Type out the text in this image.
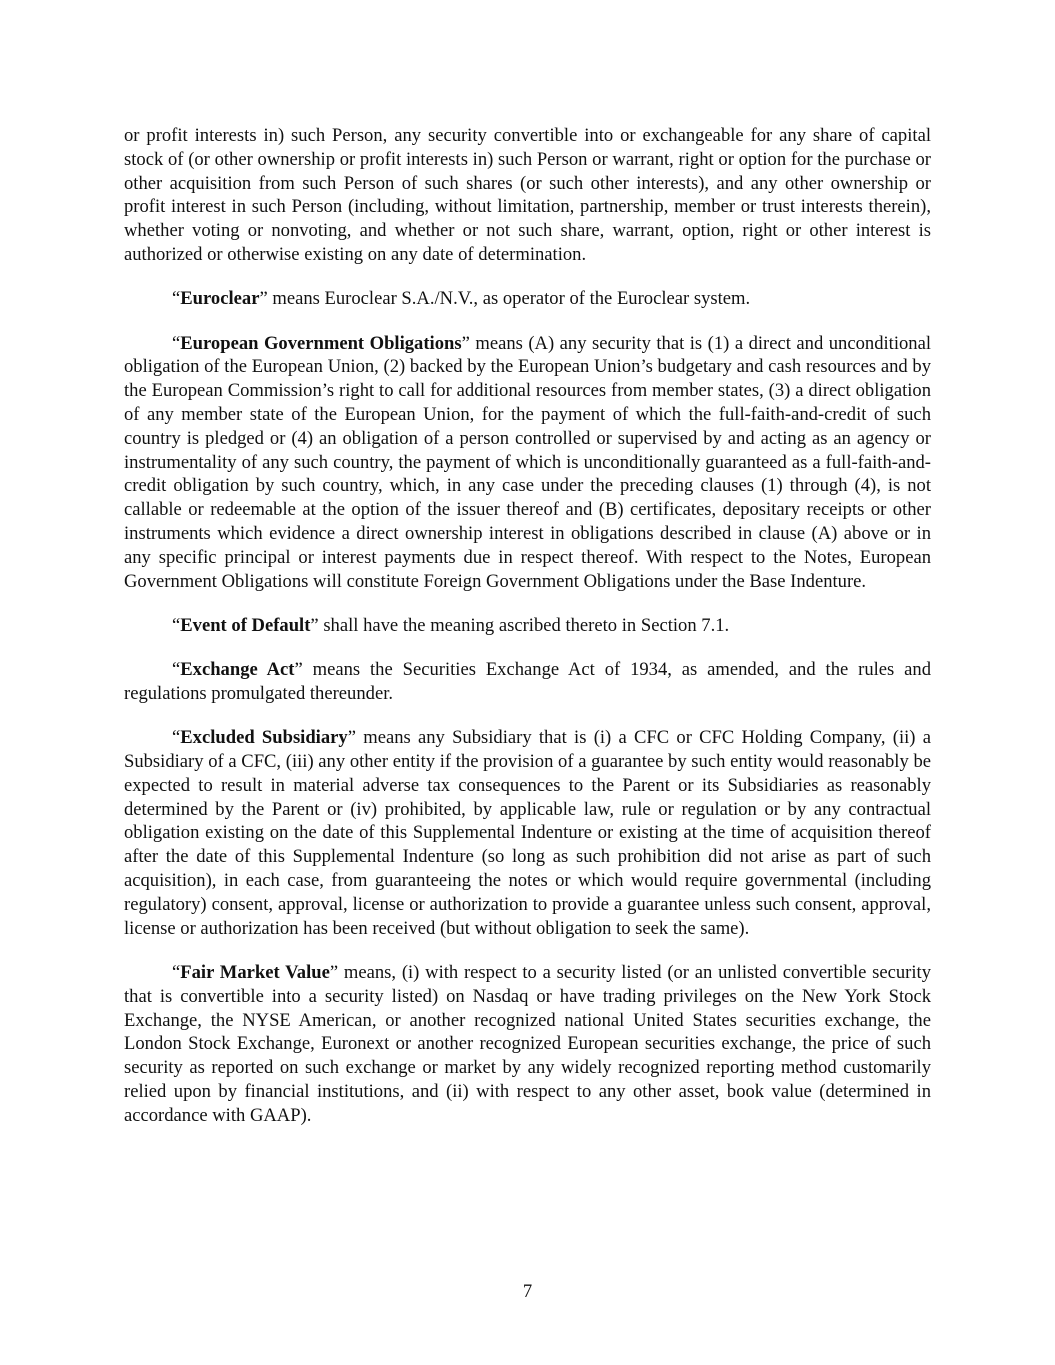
or profit interests in) such Person, any security convertible into or exchangeable for any share of capital stock of (or other ownership or profit interests in) such Person or warrant, right or option for the purchase or other acquisition from such Person of such shares (or such other interests), and any other ownership or profit interest in such Person (including, without limitation, partnership, member or trust interests therein), whether voting or nonvoting, and whether or not such share, warrant, option, right or other interest is authorized or otherwise existing on any date of determination.

“Euroclear” means Euroclear S.A./N.V., as operator of the Euroclear system.

“European Government Obligations” means (A) any security that is (1) a direct and unconditional obligation of the European Union, (2) backed by the European Union’s budgetary and cash resources and by the European Commission’s right to call for additional resources from member states, (3) a direct obligation of any member state of the European Union, for the payment of which the full-faith-and-credit of such country is pledged or (4) an obligation of a person controlled or supervised by and acting as an agency or instrumentality of any such country, the payment of which is unconditionally guaranteed as a full-faith-and-credit obligation by such country, which, in any case under the preceding clauses (1) through (4), is not callable or redeemable at the option of the issuer thereof and (B) certificates, depositary receipts or other instruments which evidence a direct ownership interest in obligations described in clause (A) above or in any specific principal or interest payments due in respect thereof. With respect to the Notes, European Government Obligations will constitute Foreign Government Obligations under the Base Indenture.

“Event of Default” shall have the meaning ascribed thereto in Section 7.1.

“Exchange Act” means the Securities Exchange Act of 1934, as amended, and the rules and regulations promulgated thereunder.

“Excluded Subsidiary” means any Subsidiary that is (i) a CFC or CFC Holding Company, (ii) a Subsidiary of a CFC, (iii) any other entity if the provision of a guarantee by such entity would reasonably be expected to result in material adverse tax consequences to the Parent or its Subsidiaries as reasonably determined by the Parent or (iv) prohibited, by applicable law, rule or regulation or by any contractual obligation existing on the date of this Supplemental Indenture or existing at the time of acquisition thereof after the date of this Supplemental Indenture (so long as such prohibition did not arise as part of such acquisition), in each case, from guaranteeing the notes or which would require governmental (including regulatory) consent, approval, license or authorization to provide a guarantee unless such consent, approval, license or authorization has been received (but without obligation to seek the same).

“Fair Market Value” means, (i) with respect to a security listed (or an unlisted convertible security that is convertible into a security listed) on Nasdaq or have trading privileges on the New York Stock Exchange, the NYSE American, or another recognized national United States securities exchange, the London Stock Exchange, Euronext or another recognized European securities exchange, the price of such security as reported on such exchange or market by any widely recognized reporting method customarily relied upon by financial institutions, and (ii) with respect to any other asset, book value (determined in accordance with GAAP).

7
